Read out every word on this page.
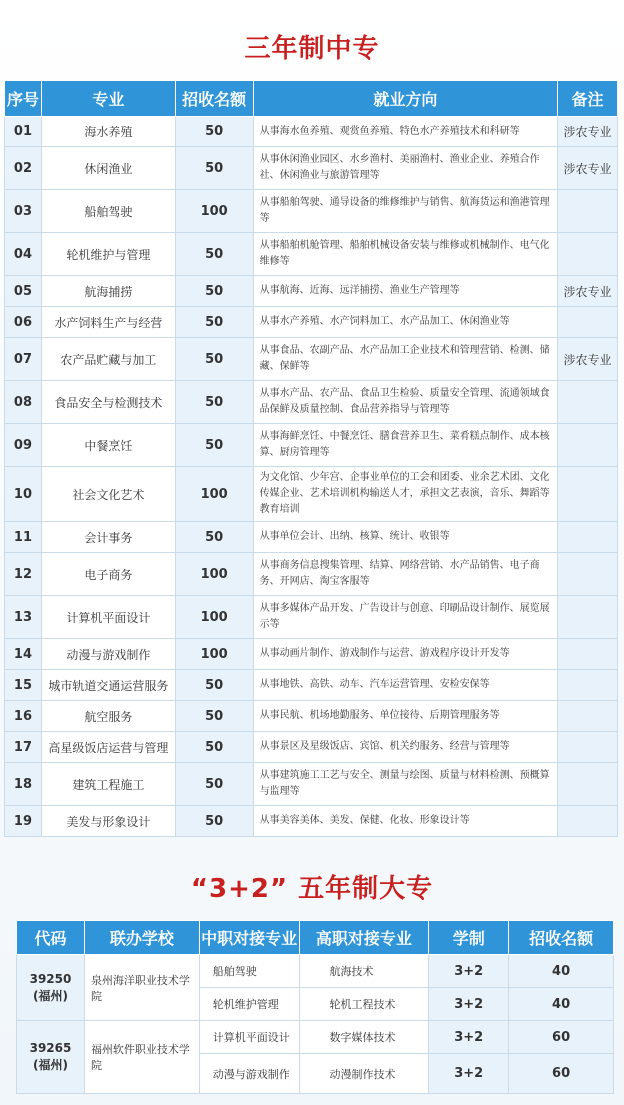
三年制中专
序号	专业	招收名额	就业方向	备注
01	海水养殖	50	从事海水鱼养殖、观赏鱼养殖、特色水产养殖技术和科研等	涉农专业
02	休闲渔业	50	从事休闲渔业园区、水乡渔村、美丽渔村、渔业企业、养殖合作社、休闲渔业与旅游管理等	涉农专业
03	船舶驾驶	100	从事船舶驾驶、通导设备的维修维护与销售、航海货运和渔港管理等	
04	轮机维护与管理	50	从事船舶机舱管理、船舶机械设备安装与维修或机械制作、电气化维修等	
05	航海捕捞	50	从事航海、近海、远洋捕捞、渔业生产管理等	涉农专业
06	水产饲料生产与经营	50	从事水产养殖、水产饲料加工、水产品加工、休闲渔业等	
07	农产品贮藏与加工	50	从事食品、农副产品、水产品加工企业技术和管理营销、检测、储藏、保鲜等	涉农专业
08	食品安全与检测技术	50	从事水产品、农产品、食品卫生检验、质量安全管理、流通领域食品保鲜及质量控制、食品营养指导与管理等	
09	中餐烹饪	50	从事海鲜烹饪、中餐烹饪、膳食营养卫生、菜肴糕点制作、成本核算、厨房管理等	
10	社会文化艺术	100	为文化馆、少年宫、企事业单位的工会和团委、业余艺术团、文化传媒企业、艺术培训机构输送人才，承担文艺表演，音乐、舞蹈等教育培训	
11	会计事务	50	从事单位会计、出纳、核算、统计、收银等	
12	电子商务	100	从事商务信息搜集管理、结算、网络营销、水产品销售、电子商务、开网店、淘宝客服等	
13	计算机平面设计	100	从事多媒体产品开发、广告设计与创意、印刷品设计制作、展览展示等	
14	动漫与游戏制作	100	从事动画片制作、游戏制作与运营、游戏程序设计开发等	
15	城市轨道交通运营服务	50	从事地铁、高铁、动车、汽车运营管理、安检安保等	
16	航空服务	50	从事民航、机场地勤服务、单位接待、后期管理服务等	
17	高星级饭店运营与管理	50	从事景区及星级饭店、宾馆、机关约服务、经营与管理等	
18	建筑工程施工	50	从事建筑施工工艺与安全、测量与绘图、质量与材料检测、预概算与监理等	
19	美发与形象设计	50	从事美容美体、美发、保健、化妆、形象设计等	
“3+2” 五年制大专
代码	联办学校	中职对接专业	高职对接专业	学制	招收名额

39250
(福州)	泉州海洋职业技术学院	船舶驾驶	航海技术	3+2	40
		轮机维护管理	轮机工程技术	3+2	40

39265
(福州)	福州软件职业技术学院	计算机平面设计	数字媒体技术	3+2	60
		动漫与游戏制作	动漫制作技术	3+2	60
